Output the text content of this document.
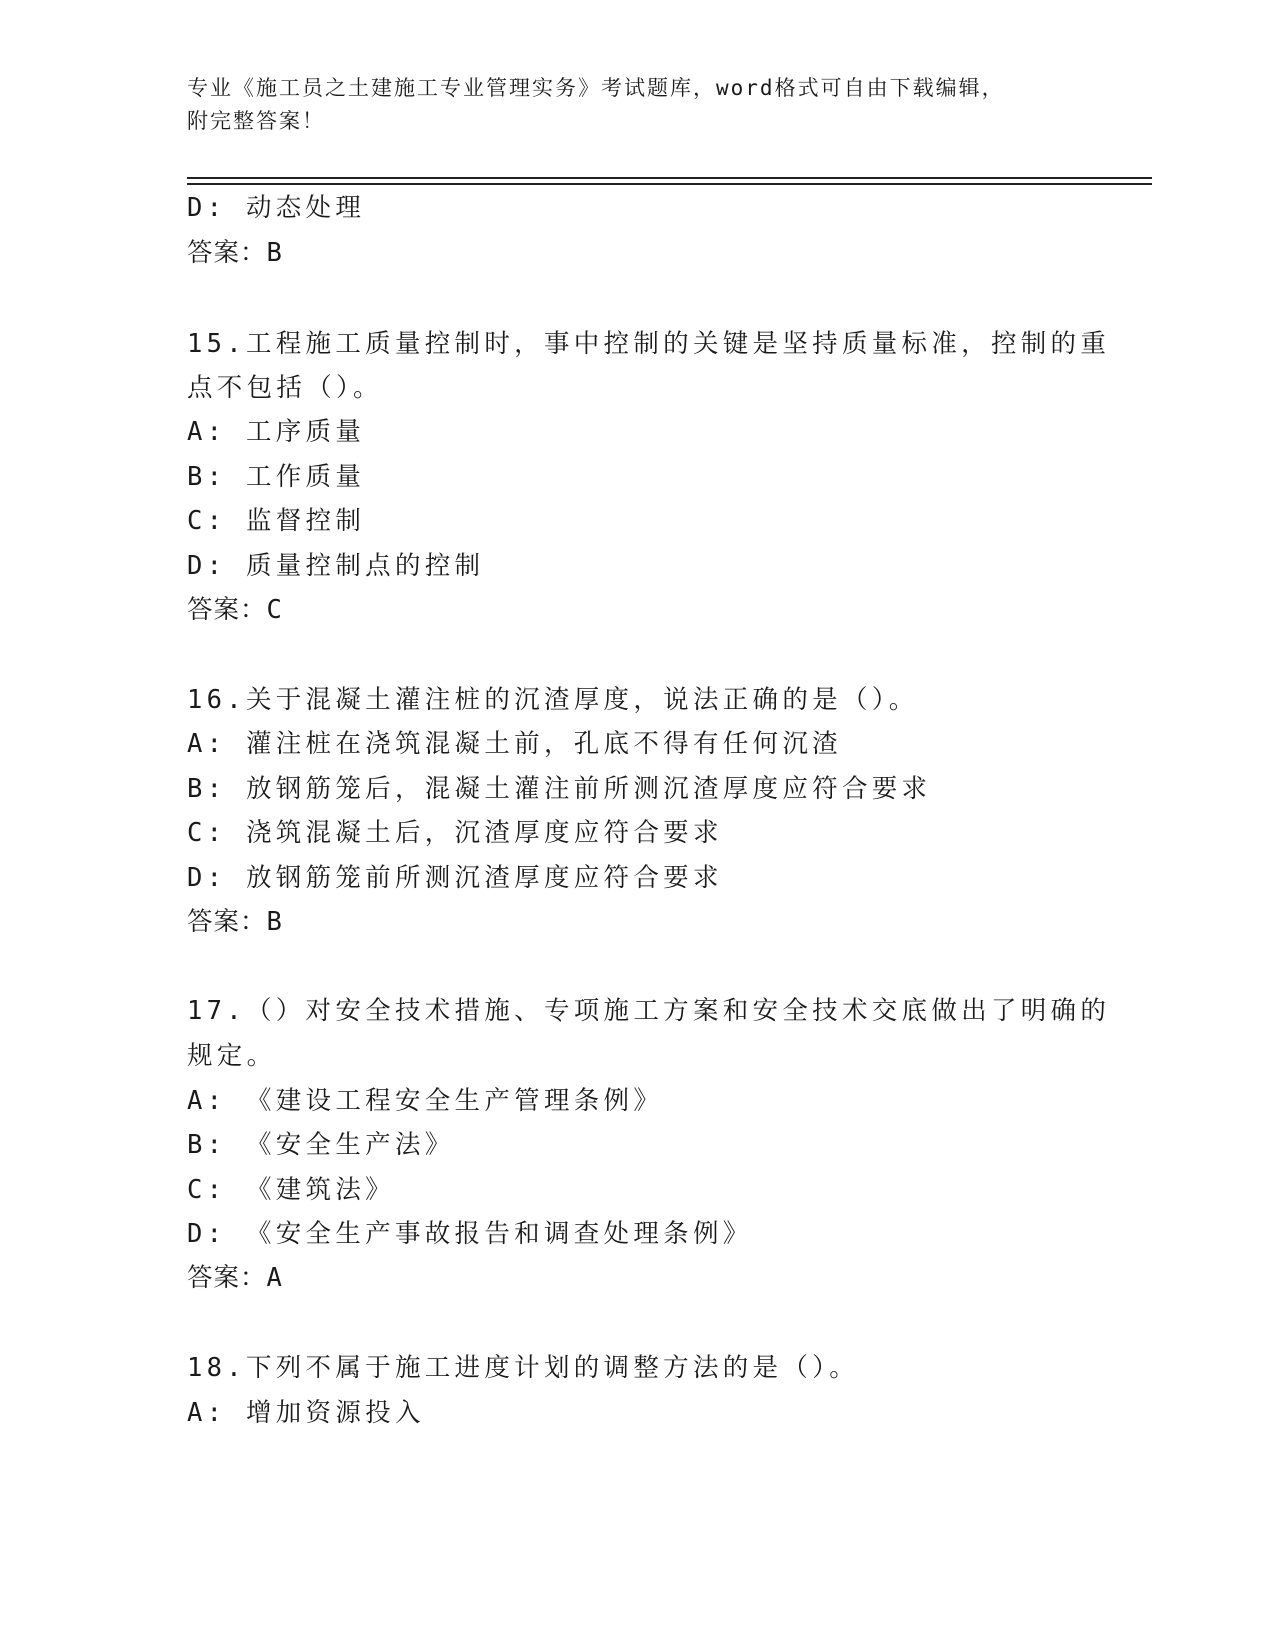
专业《施工员之土建施工专业管理实务》考试题库，word格式可自由下载编辑，
附完整答案！
D: 动态处理
答案：B
15.工程施工质量控制时，事中控制的关键是坚持质量标准，控制的重
点不包括（）。
A: 工序质量
B: 工作质量
C: 监督控制
D: 质量控制点的控制
答案：C
16.关于混凝土灌注桩的沉渣厚度，说法正确的是（）。
A: 灌注桩在浇筑混凝土前，孔底不得有任何沉渣
B: 放钢筋笼后，混凝土灌注前所测沉渣厚度应符合要求
C: 浇筑混凝土后，沉渣厚度应符合要求
D: 放钢筋笼前所测沉渣厚度应符合要求
答案：B
17.（）对安全技术措施、专项施工方案和安全技术交底做出了明确的
规定。
A: 《建设工程安全生产管理条例》
B: 《安全生产法》
C: 《建筑法》
D: 《安全生产事故报告和调查处理条例》
答案：A
18.下列不属于施工进度计划的调整方法的是（）。
A: 增加资源投入
